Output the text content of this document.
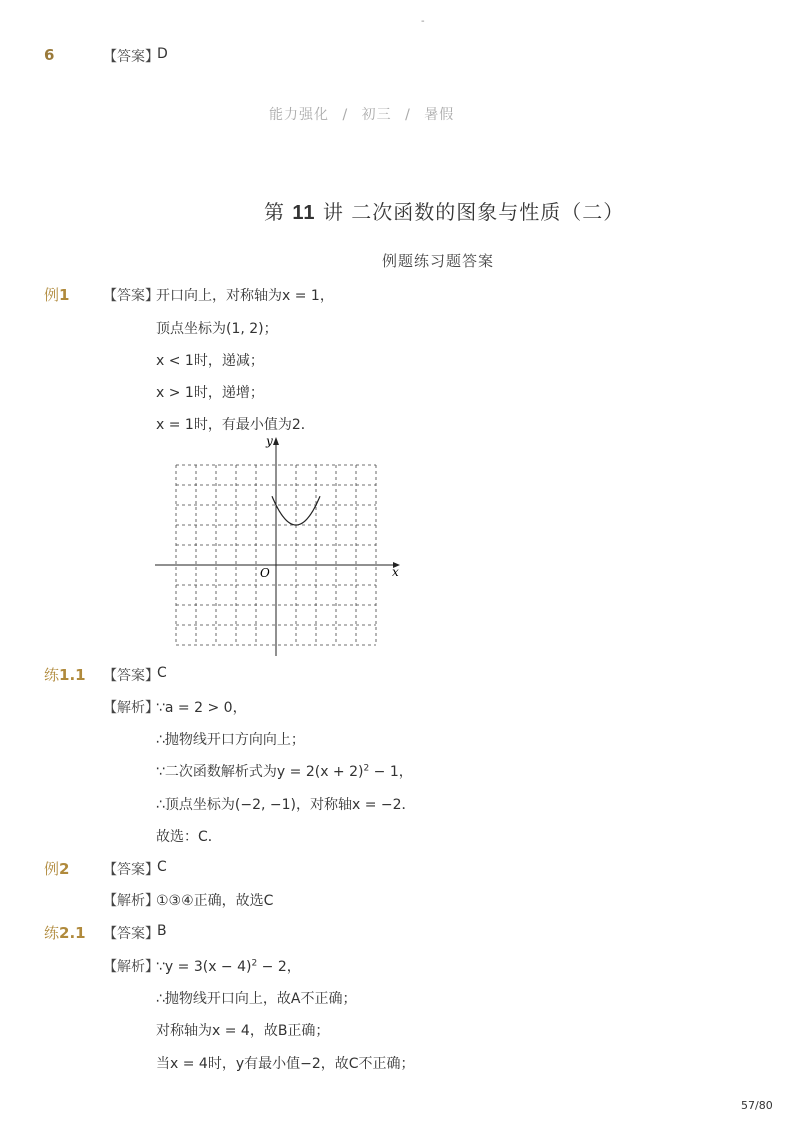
-
6	【答案】
D
能力强化 / 初三 / 暑假
第 11 讲 二次函数的图象与性质（二）
例题练习题答案
例1 【答案】
开口向上，对称轴为x = 1，
顶点坐标为(1, 2)；
x < 1时，递减；
x > 1时，递增；
x = 1时，有最小值为2．
y
x
O
练1.1 【答案】
C
【解析】
∵a = 2 > 0，
∴抛物线开口方向向上；
∵二次函数解析式为$y = 2(x + 2)^2 - 1$，
∴顶点坐标为(−2, −1)，对称轴x = −2．
故选：C．
例2 【答案】
C
【解析】
①③④正确，故选C
练2.1 【答案】
B
【解析】
∵y = $3(x - 4)^2 - 2$，
∴抛物线开口向上，故A不正确；
对称轴为x = 4，故B正确；
当x = 4时，y有最小值−2，故C不正确；
57/80
